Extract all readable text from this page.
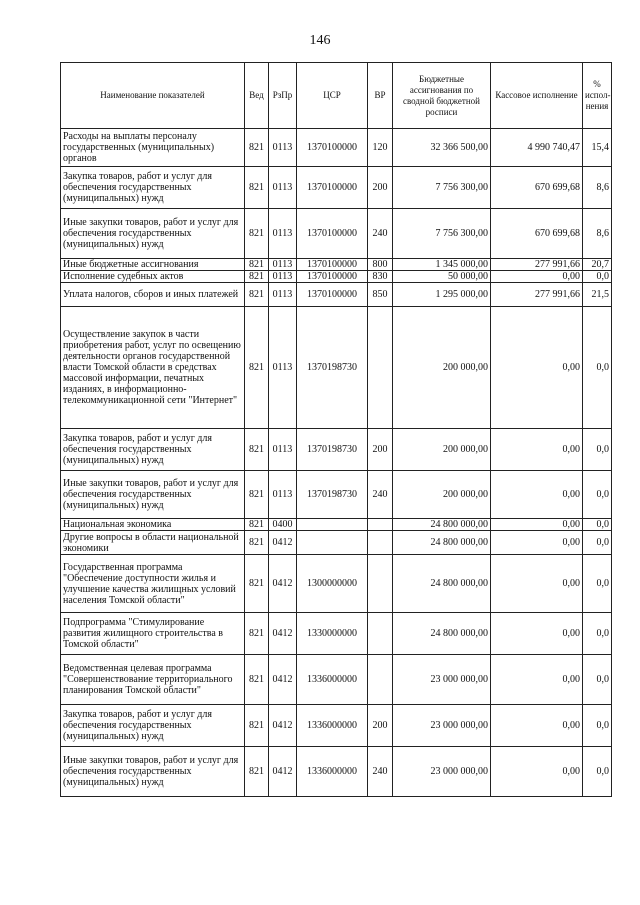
146
Наименование показателей	Вед	РзПр	ЦСР	ВР	Бюджетные ассигнования по сводной бюджетной росписи	Кассовое исполнение	% испол- нения
Расходы на выплаты персоналу государственных (муниципальных) органов	821	0113	1370100000	120	32 366 500,00	4 990 740,47	15,4
Закупка товаров, работ и услуг для обеспечения государственных (муниципальных) нужд	821	0113	1370100000	200	7 756 300,00	670 699,68	8,6
Иные закупки товаров, работ и услуг для обеспечения государственных (муниципальных) нужд	821	0113	1370100000	240	7 756 300,00	670 699,68	8,6
Иные бюджетные ассигнования	821	0113	1370100000	800	1 345 000,00	277 991,66	20,7
Исполнение судебных актов	821	0113	1370100000	830	50 000,00	0,00	0,0
Уплата налогов, сборов и иных платежей	821	0113	1370100000	850	1 295 000,00	277 991,66	21,5
Осуществление закупок в части приобретения работ, услуг по освещению деятельности органов государственной власти Томской области в средствах массовой информации, печатных изданиях, в информационно-телекоммуникационной сети "Интернет"	821	0113	1370198730		200 000,00	0,00	0,0
Закупка товаров, работ и услуг для обеспечения государственных (муниципальных) нужд	821	0113	1370198730	200	200 000,00	0,00	0,0
Иные закупки товаров, работ и услуг для обеспечения государственных (муниципальных) нужд	821	0113	1370198730	240	200 000,00	0,00	0,0
Национальная экономика	821	0400			24 800 000,00	0,00	0,0
Другие вопросы в области национальной экономики	821	0412			24 800 000,00	0,00	0,0
Государственная программа "Обеспечение доступности жилья и улучшение качества жилищных условий населения Томской области"	821	0412	1300000000		24 800 000,00	0,00	0,0
Подпрограмма "Стимулирование развития жилищного строительства в Томской области"	821	0412	1330000000		24 800 000,00	0,00	0,0
Ведомственная целевая программа "Совершенствование территориального планирования Томской области"	821	0412	1336000000		23 000 000,00	0,00	0,0
Закупка товаров, работ и услуг для обеспечения государственных (муниципальных) нужд	821	0412	1336000000	200	23 000 000,00	0,00	0,0
Иные закупки товаров, работ и услуг для обеспечения государственных (муниципальных) нужд	821	0412	1336000000	240	23 000 000,00	0,00	0,0
